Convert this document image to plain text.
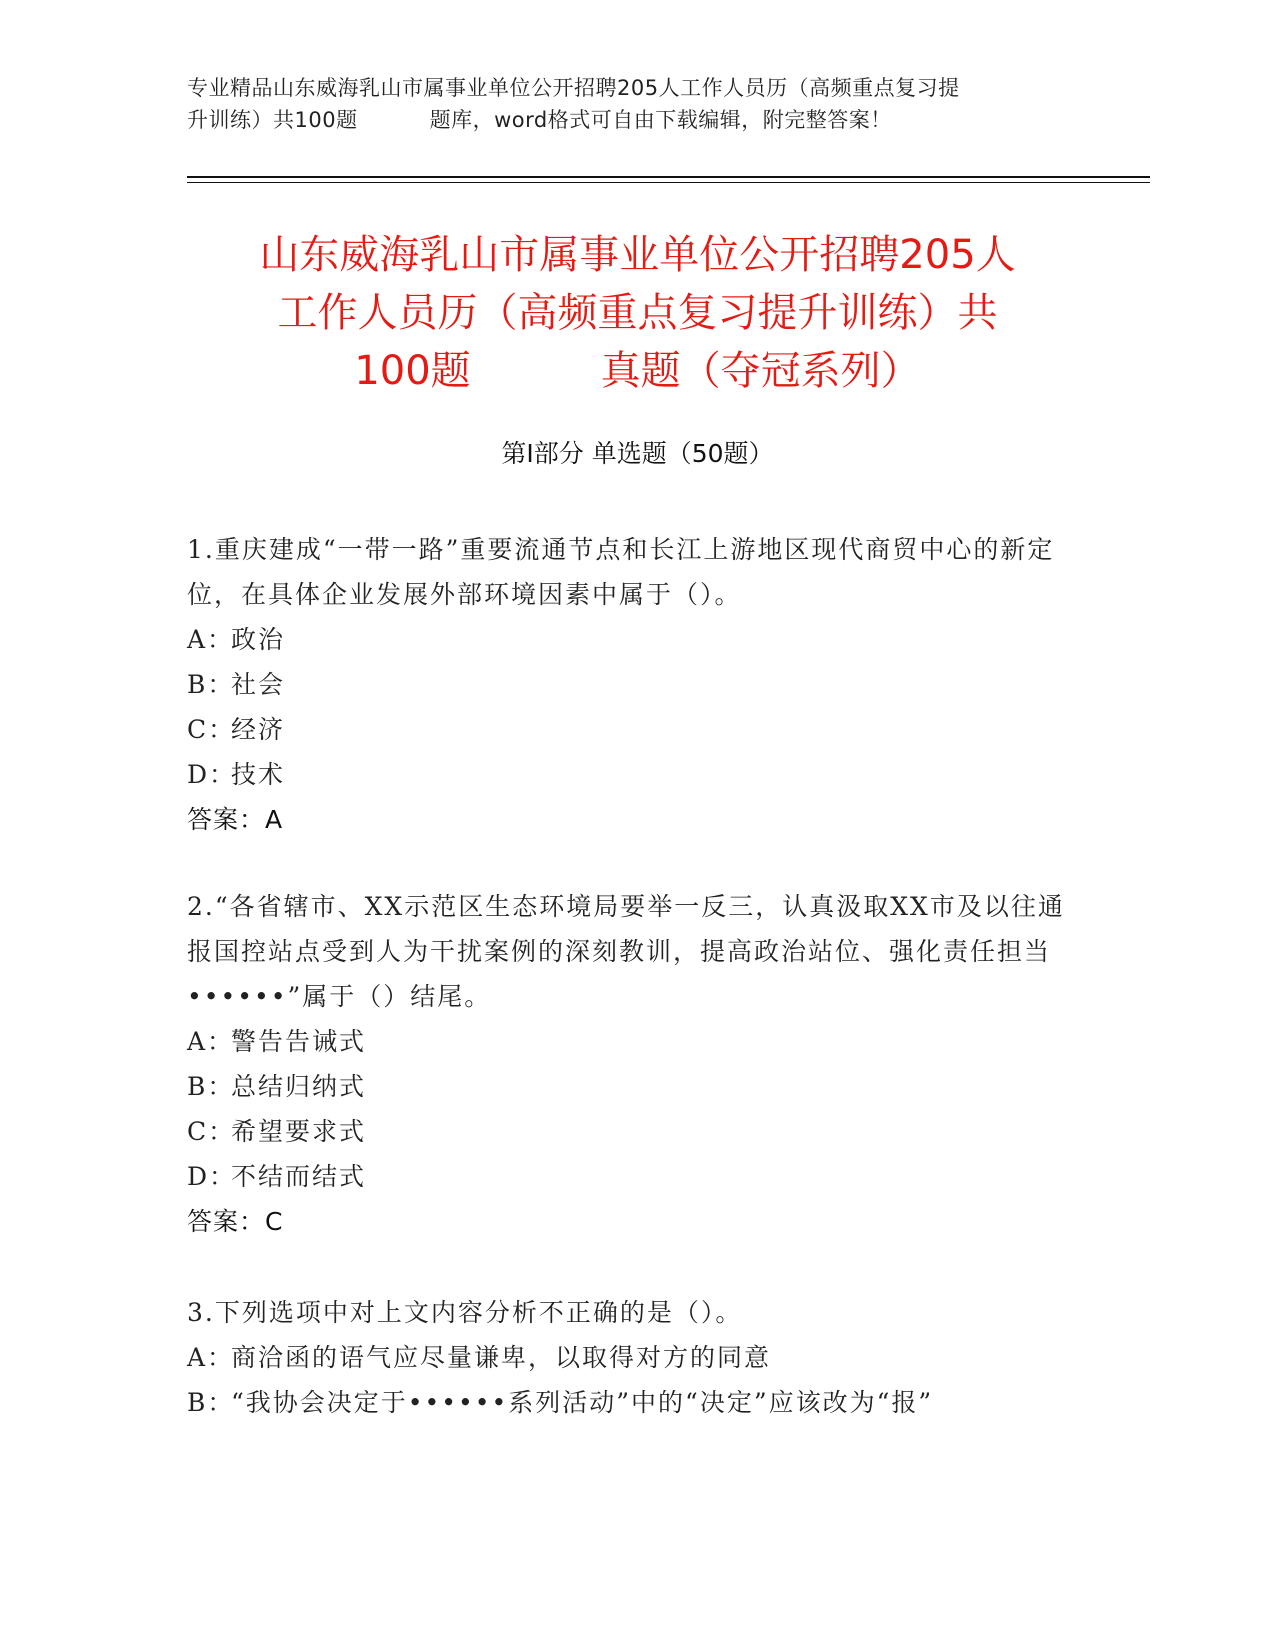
专业精品山东威海乳山市属事业单位公开招聘205人工作人员历（高频重点复习提
升训练）共100题	题库，word格式可自由下载编辑，附完整答案！
山东威海乳山市属事业单位公开招聘205人
工作人员历（高频重点复习提升训练）共
100题	真题（夺冠系列）
第Ⅰ部分 单选题（50题）

1.重庆建成“一带一路”重要流通节点和长江上游地区现代商贸中心的新定位，在具体企业发展外部环境因素中属于（）。

A：政治

B：社会

C：经济

D：技术

答案：A

2.“各省辖市、XX示范区生态环境局要举一反三，认真汲取XX市及以往通报国控站点受到人为干扰案例的深刻教训，提高政治站位、强化责任担当••••••”属于（）结尾。

A：警告告诫式

B：总结归纳式

C：希望要求式

D：不结而结式

答案：C

3.下列选项中对上文内容分析不正确的是（）。

A：商洽函的语气应尽量谦卑，以取得对方的同意

B：“我协会决定于••••••系列活动”中的“决定”应该改为“报”
